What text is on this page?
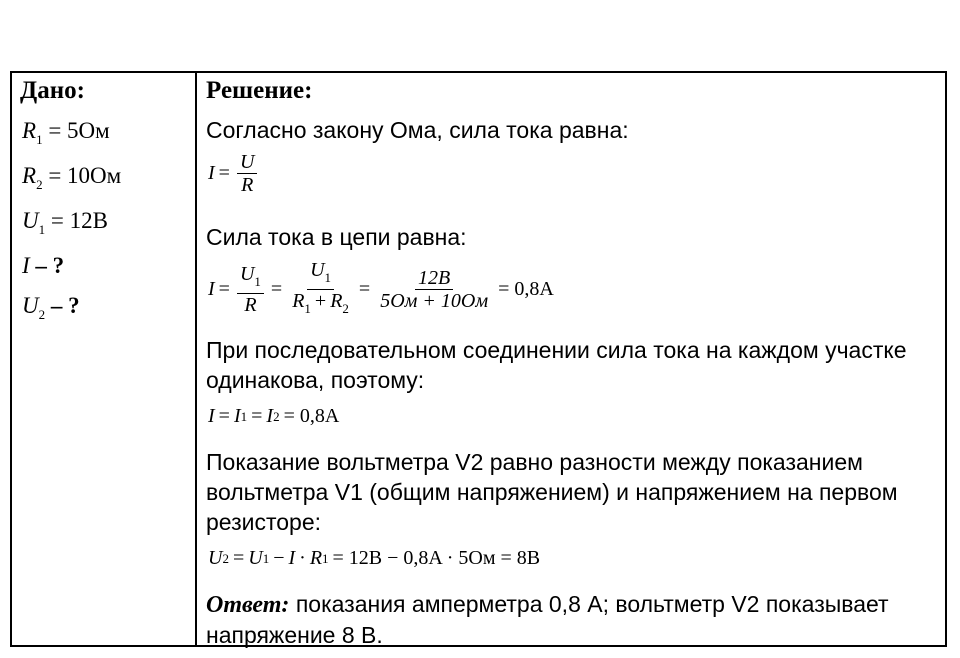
Дано:
$R_1 = 5Ом$
$R_2 = 10Ом$
$U_1 = 12B$
I – ?
$U_2$ – ?
Решение:
Согласно закону Ома, сила тока равна:
$I = \frac{U}{R}$
Сила тока в цепи равна:
$I = \frac{U_1}{R} = \frac{U_1}{R_1 + R_2} = \frac{12B}{5Ом + 10Ом} = 0,8A$
При последовательном соединении сила тока на каждом участке одинакова, поэтому:
I = I 1 = I 2 = 0,8A
Показание вольтметра V2 равно разности между показанием вольтметра V1 (общим напряжением) и напряжением на первом резисторе:
U 2 = U 1 − I · R 1 = 12B − 0,8A · 5Ом = 8B
Ответ: показания амперметра 0,8 А; вольтметр V2 показывает напряжение 8 В.
